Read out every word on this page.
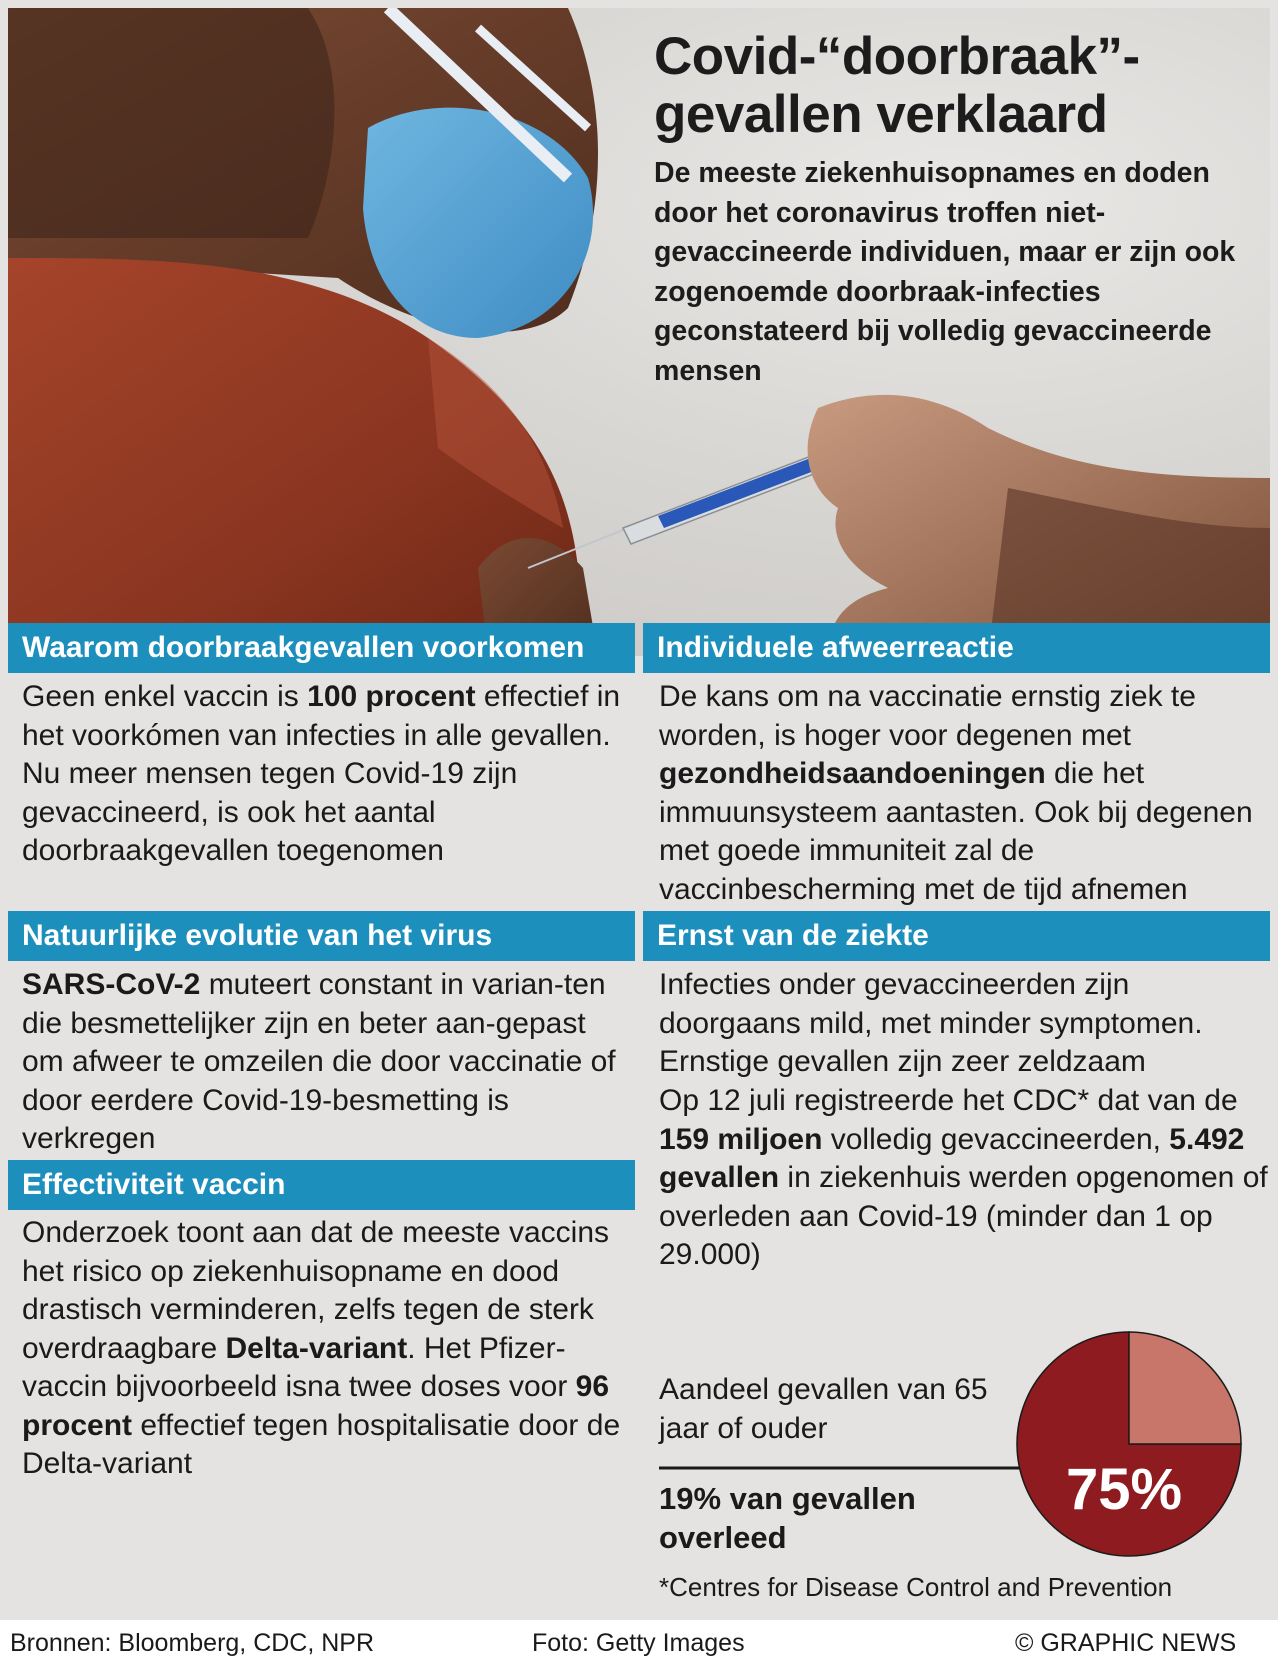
Covid-“doorbraak”-gevallen verklaard

De meeste ziekenhuisopnames en doden door het coronavirus troffen niet-gevaccineerde individuen, maar er zijn ook zogenoemde doorbraak-infecties geconstateerd bij volledig gevaccineerde mensen

Waarom doorbraakgevallen voorkomen

Geen enkel vaccin is 100 procent effectief in het voorkómen van infecties in alle gevallen. Nu meer mensen tegen Covid-19 zijn gevaccineerd, is ook het aantal doorbraakgevallen toegenomen

Natuurlijke evolutie van het virus

SARS-CoV-2 muteert constant in varian-ten die besmettelijker zijn en beter aan-gepast om afweer te omzeilen die door vaccinatie of door eerdere Covid-19-besmetting is verkregen

Effectiviteit vaccin

Onderzoek toont aan dat de meeste vaccins het risico op ziekenhuisopname en dood drastisch verminderen, zelfs tegen de sterk overdraagbare Delta-variant. Het Pfizer-vaccin bijvoorbeeld isna twee doses voor 96 procent effectief tegen hospitalisatie door de Delta-variant

Individuele afweerreactie

De kans om na vaccinatie ernstig ziek te worden, is hoger voor degenen met gezondheidsaandoeningen die het immuunsysteem aantasten. Ook bij degenen met goede immuniteit zal de vaccinbescherming met de tijd afnemen

Ernst van de ziekte

Infecties onder gevaccineerden zijn doorgaans mild, met minder symptomen. Ernstige gevallen zijn zeer zeldzaam

Op 12 juli registreerde het CDC* dat van de 159 miljoen volledig gevaccineerden, 5.492 gevallen in ziekenhuis werden opgenomen of overleden aan Covid-19 (minder dan 1 op 29.000)

Aandeel gevallen van 65 jaar of ouder

75%

19% van gevallen overleed

*Centres for Disease Control and Prevention

Bronnen: Bloomberg, CDC, NPR	Foto: Getty Images	© GRAPHIC NEWS
